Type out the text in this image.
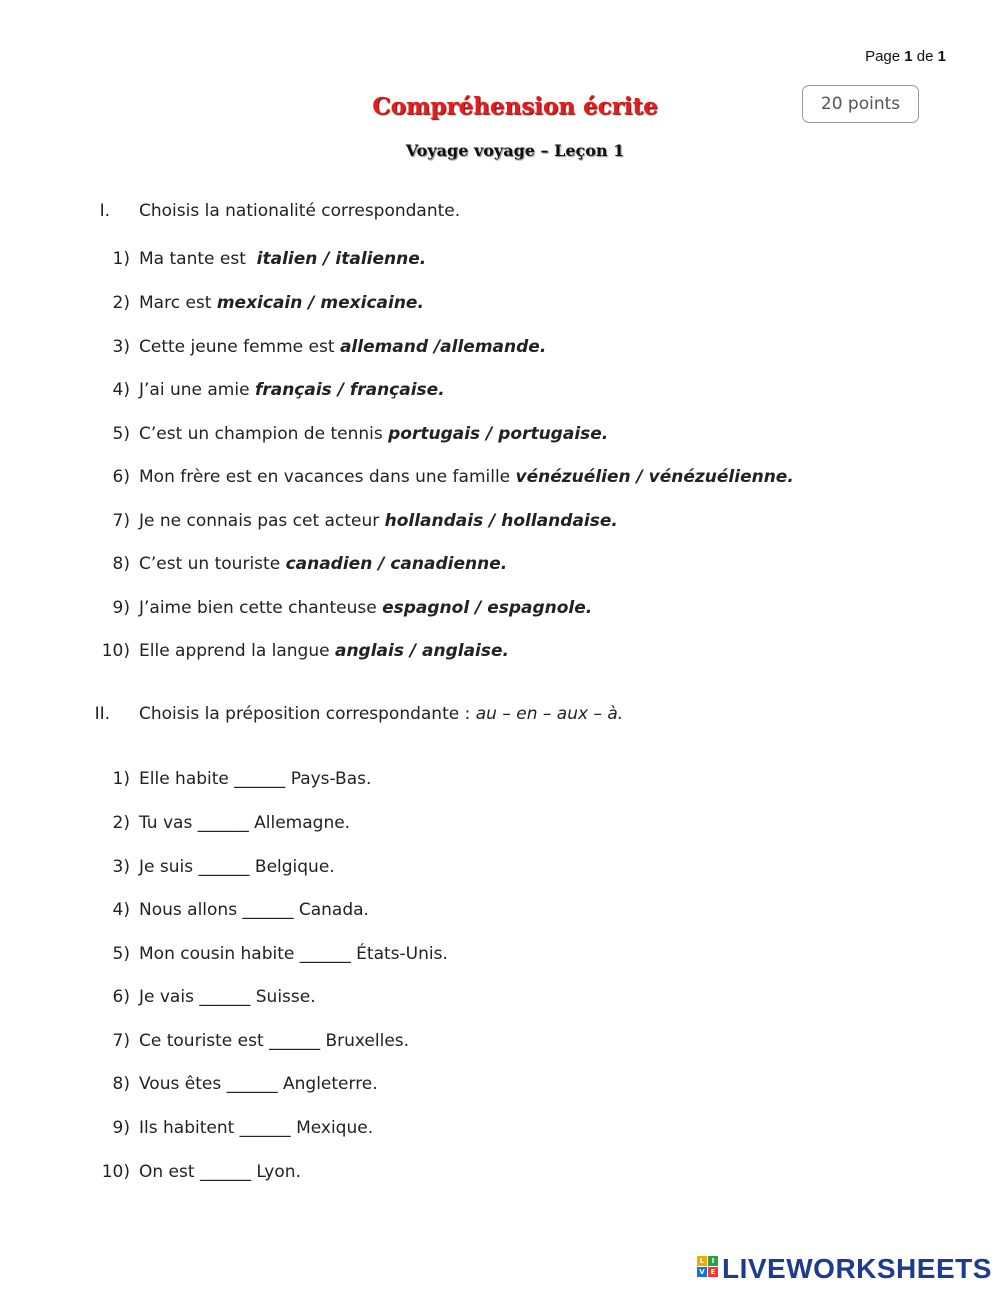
Page 1 de 1
Compréhension écrite
Voyage voyage – Leçon 1
20 points
I. Choisis la nationalité correspondante.
1) Ma tante est  italien / italienne.
2) Marc est mexicain / mexicaine.
3) Cette jeune femme est allemand /allemande.
4) J’ai une amie français / française.
5) C’est un champion de tennis portugais / portugaise.
6) Mon frère est en vacances dans une famille vénézuélien / vénézuélienne.
7) Je ne connais pas cet acteur hollandais / hollandaise.
8) C’est un touriste canadien / canadienne.
9) J’aime bien cette chanteuse espagnol / espagnole.
10) Elle apprend la langue anglais / anglaise.
II. Choisis la préposition correspondante : au – en – aux – à.
1) Elle habite ______ Pays-Bas.
2) Tu vas ______ Allemagne.
3) Je suis ______ Belgique.
4) Nous allons ______ Canada.
5) Mon cousin habite ______ États-Unis.
6) Je vais ______ Suisse.
7) Ce touriste est ______ Bruxelles.
8) Vous êtes ______ Angleterre.
9) Ils habitent ______ Mexique.
10) On est ______ Lyon.
L	I
V E LIVEWORKSHEETS
